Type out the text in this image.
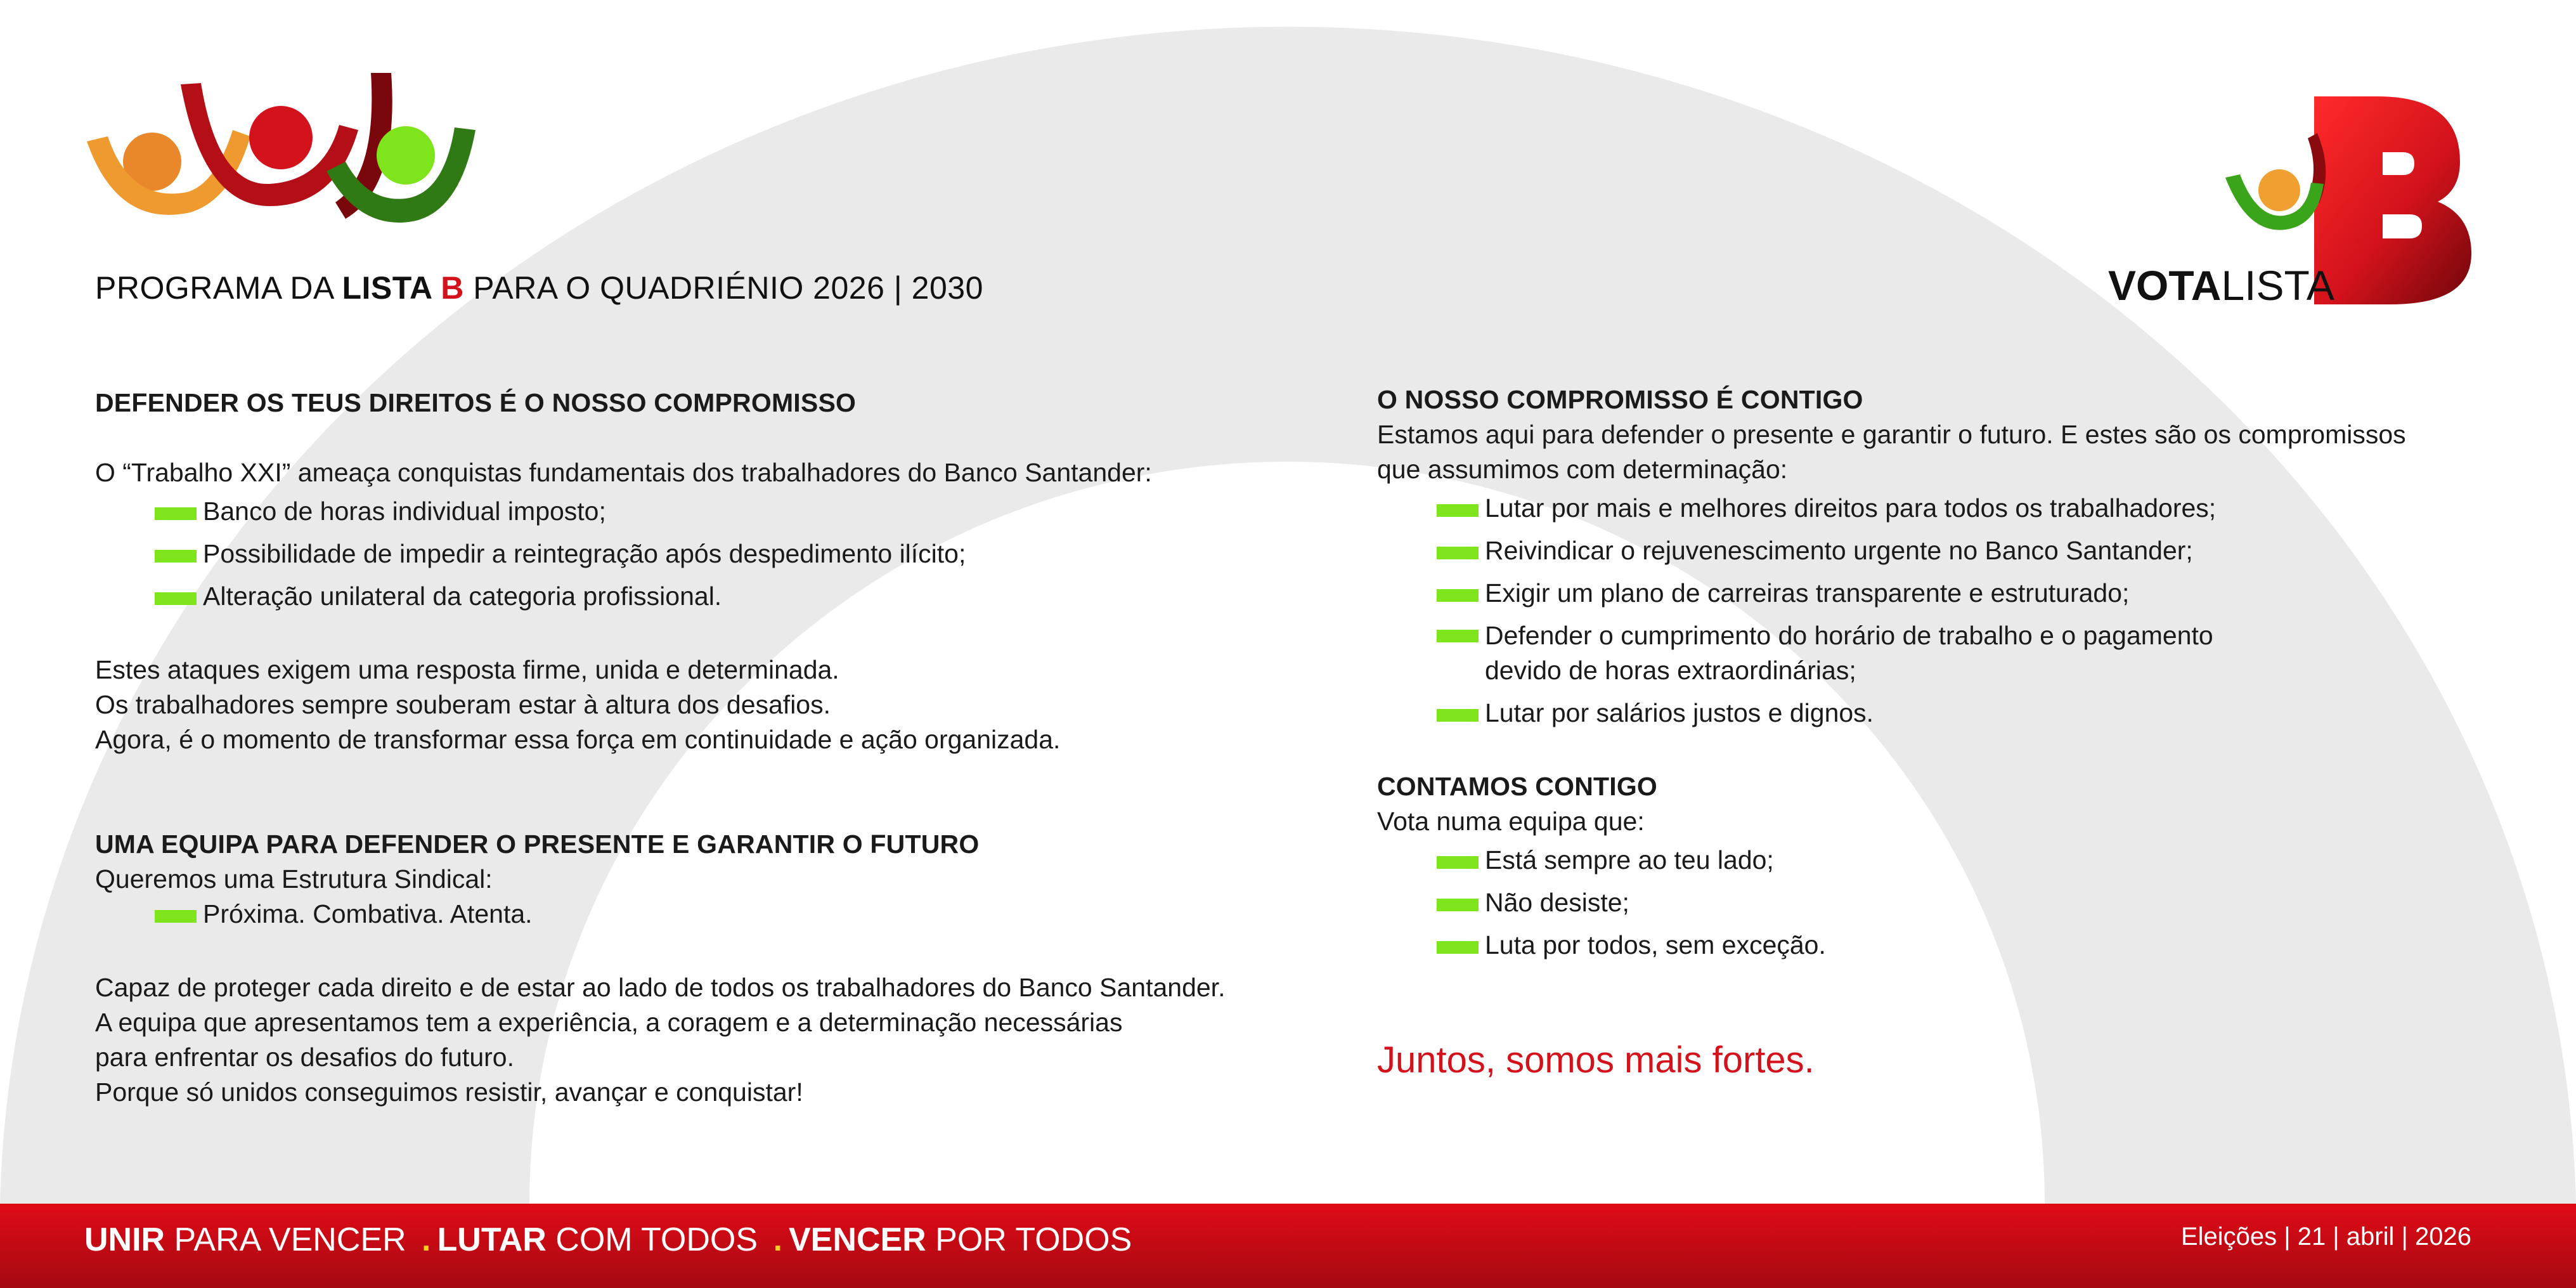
VOTALISTA
PROGRAMA DA LISTA B PARA O QUADRIÉNIO 2026 | 2030
DEFENDER OS TEUS DIREITOS É O NOSSO COMPROMISSO
O “Trabalho XXI” ameaça conquistas fundamentais dos trabalhadores do Banco Santander:
Banco de horas individual imposto;
Possibilidade de impedir a reintegração após despedimento ilícito;
Alteração unilateral da categoria profissional.
Estes ataques exigem uma resposta firme, unida e determinada.
Os trabalhadores sempre souberam estar à altura dos desafios.
Agora, é o momento de transformar essa força em continuidade e ação organizada.
UMA EQUIPA PARA DEFENDER O PRESENTE E GARANTIR O FUTURO
Queremos uma Estrutura Sindical:
Próxima. Combativa. Atenta.
Capaz de proteger cada direito e de estar ao lado de todos os trabalhadores do Banco Santander.
A equipa que apresentamos tem a experiência, a coragem e a determinação necessárias
para enfrentar os desafios do futuro.
Porque só unidos conseguimos resistir, avançar e conquistar!
O NOSSO COMPROMISSO É CONTIGO
Estamos aqui para defender o presente e garantir o futuro. E estes são os compromissos
que assumimos com determinação:
Lutar por mais e melhores direitos para todos os trabalhadores;
Reivindicar o rejuvenescimento urgente no Banco Santander;
Exigir um plano de carreiras transparente e estruturado;
Defender o cumprimento do horário de trabalho e o pagamento
devido de horas extraordinárias;
Lutar por salários justos e dignos.
CONTAMOS CONTIGO
Vota numa equipa que:
Está sempre ao teu lado;
Não desiste;
Luta por todos, sem exceção.
Juntos, somos mais fortes.
UNIR PARA VENCER . LUTAR COM TODOS . VENCER POR TODOS	Eleições | 21 | abril | 2026
